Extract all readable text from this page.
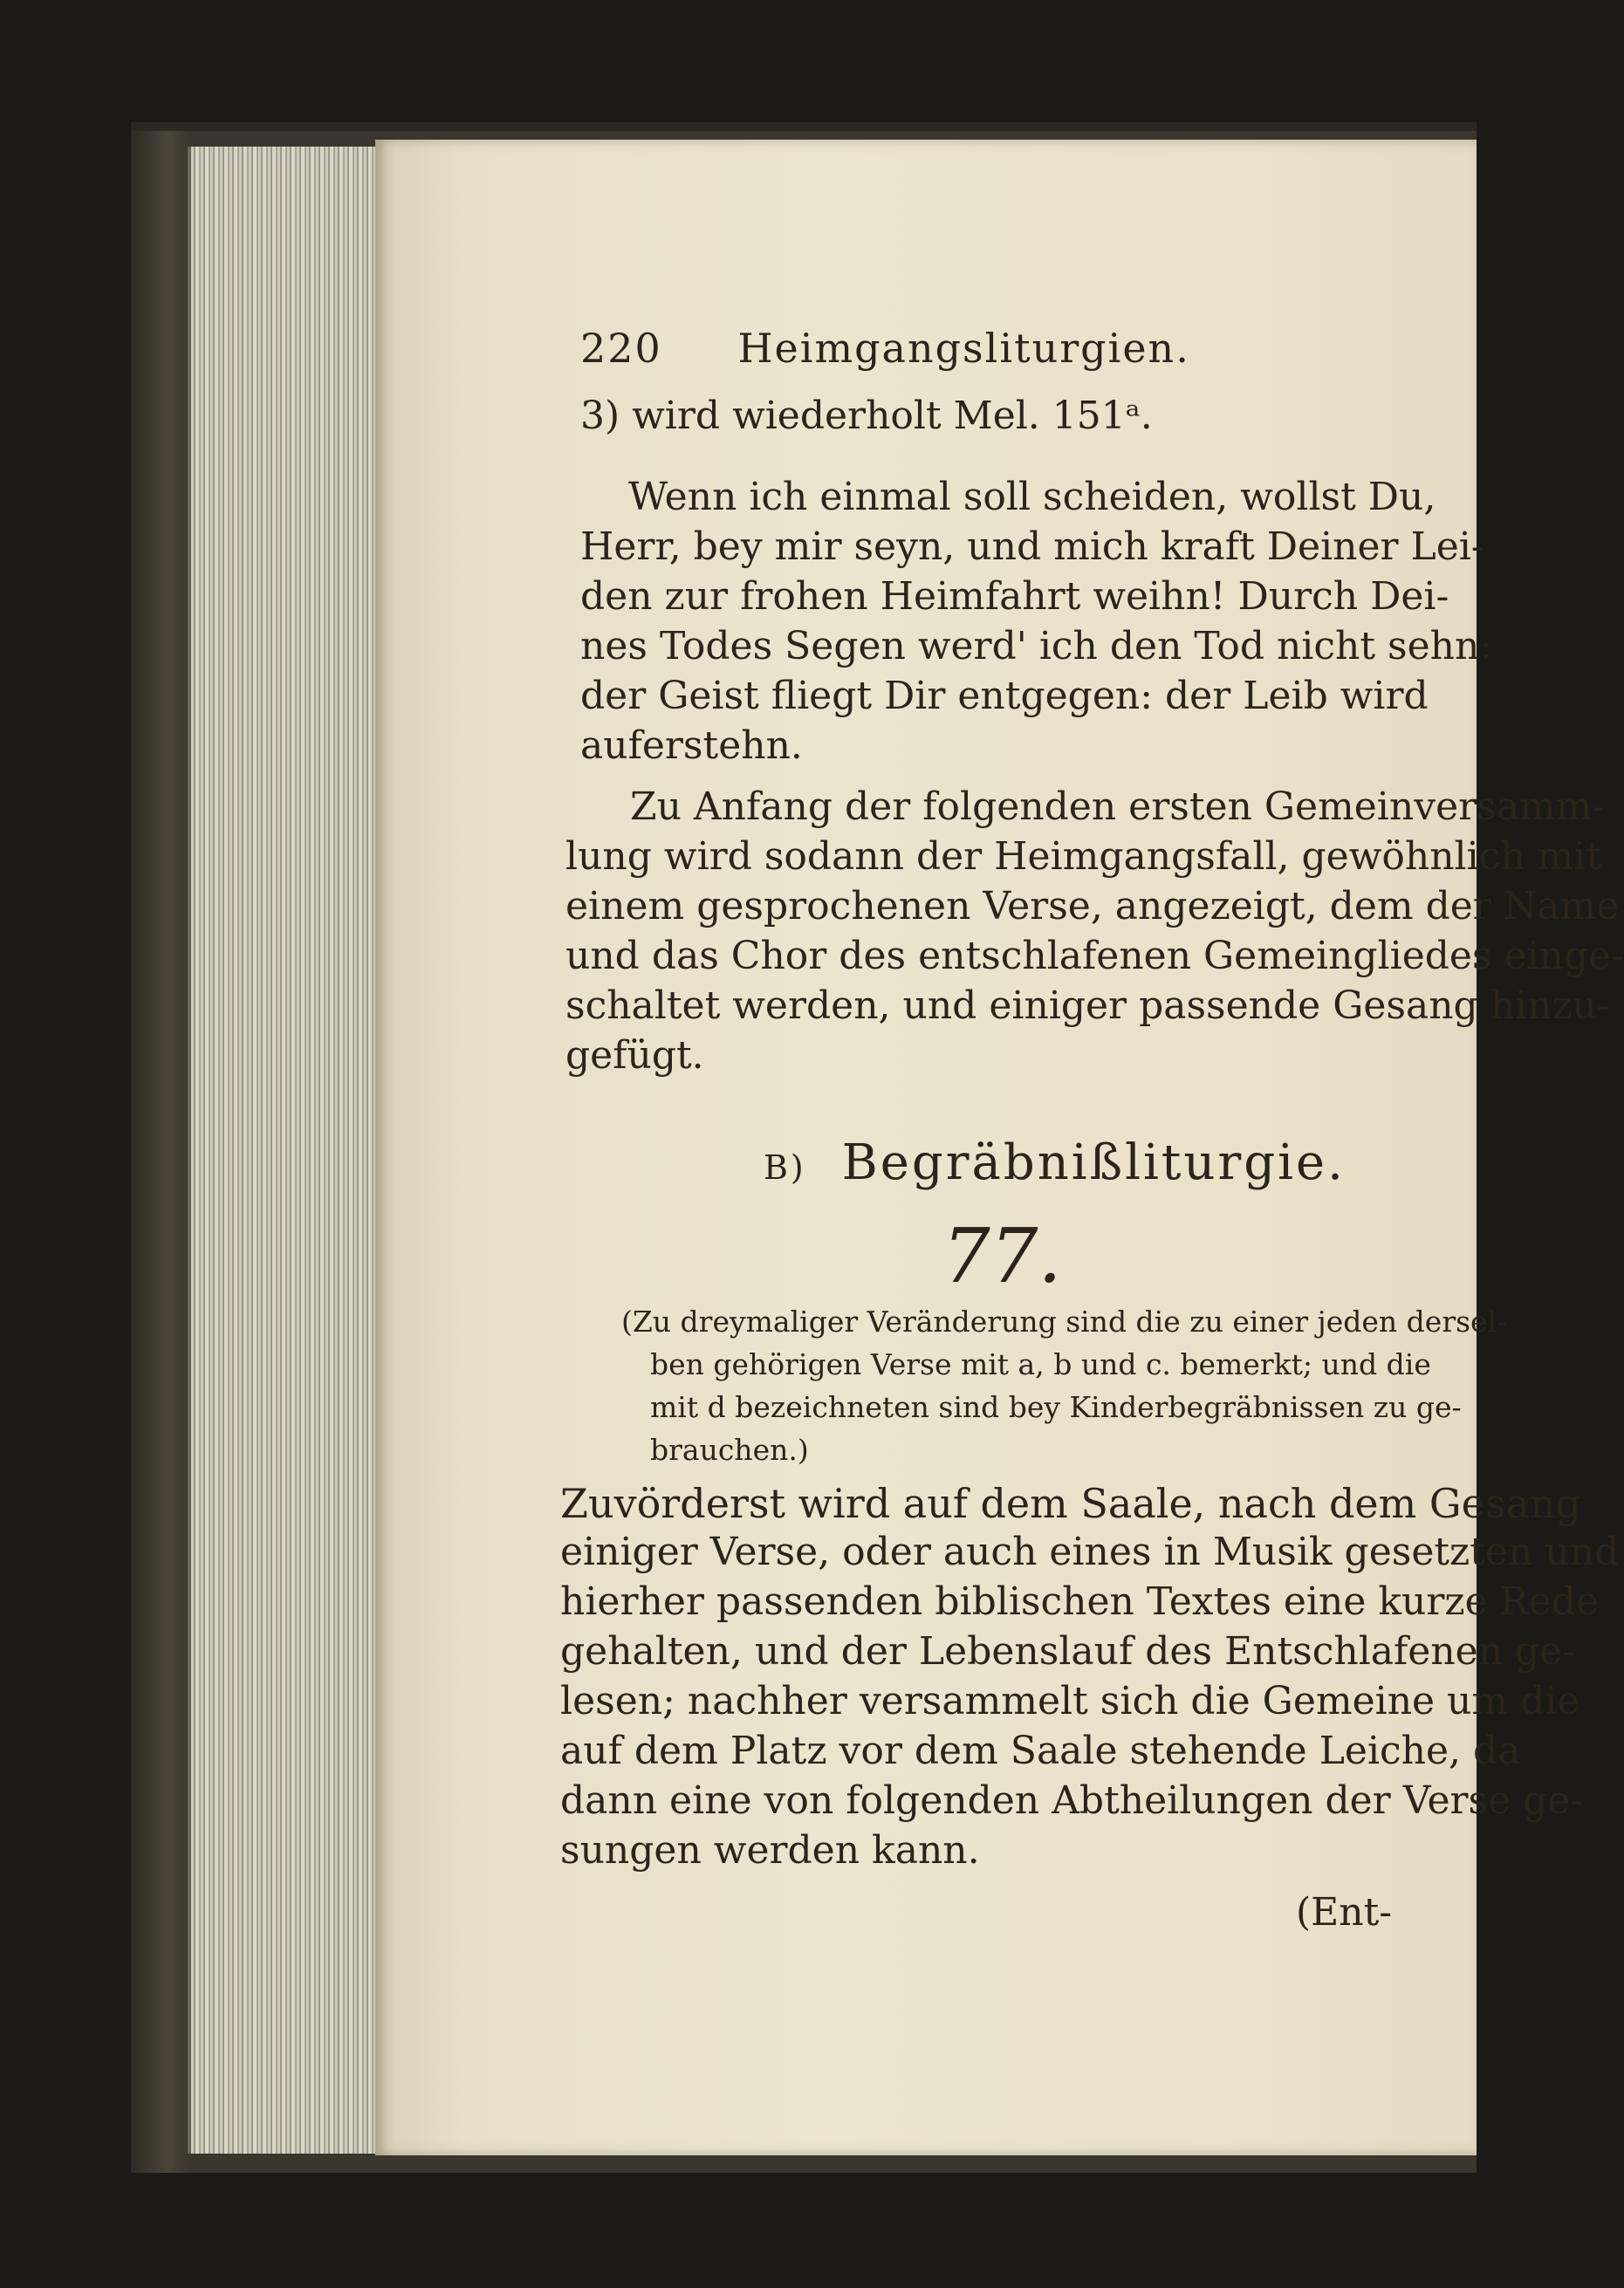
220 Heimgangsliturgien.
3) wird wiederholt Mel. 151ᵃ.
Wenn ich einmal soll scheiden, wollst Du,
Herr, bey mir seyn, und mich kraft Deiner Lei-
den zur frohen Heimfahrt weihn! Durch Dei-
nes Todes Segen werd' ich den Tod nicht sehn:
der Geist fliegt Dir entgegen: der Leib wird
auferstehn.
Zu Anfang der folgenden ersten Gemeinversamm-
lung wird sodann der Heimgangsfall, gewöhnlich mit
einem gesprochenen Verse, angezeigt, dem der Name
und das Chor des entschlafenen Gemeingliedes einge-
schaltet werden, und einiger passende Gesang hinzu-
gefügt.
B) Begräbnißliturgie.
77.
(Zu dreymaliger Veränderung sind die zu einer jeden dersel-
ben gehörigen Verse mit a, b und c. bemerkt; und die
mit d bezeichneten sind bey Kinderbegräbnissen zu ge-
brauchen.)
Zuvörderst wird auf dem Saale, nach dem Gesang
einiger Verse, oder auch eines in Musik gesetzten und
hierher passenden biblischen Textes eine kurze Rede
gehalten, und der Lebenslauf des Entschlafenen ge-
lesen; nachher versammelt sich die Gemeine um die
auf dem Platz vor dem Saale stehende Leiche, da
dann eine von folgenden Abtheilungen der Verse ge-
sungen werden kann.
(Ent-
